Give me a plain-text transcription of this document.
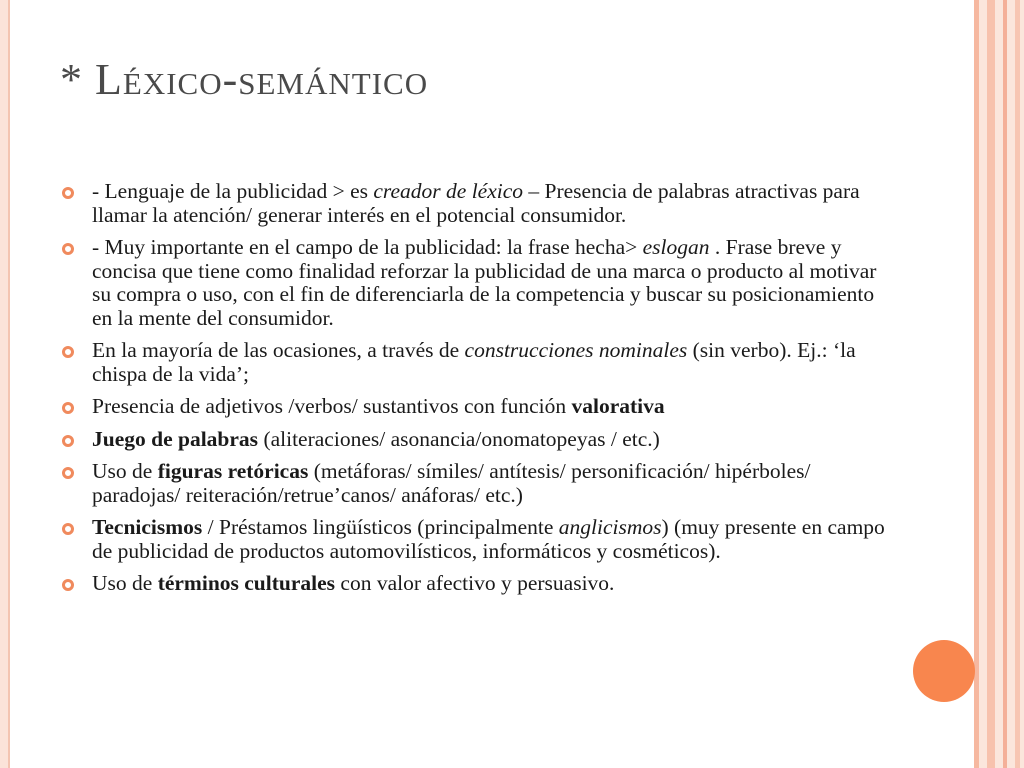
* Léxico-semántico
- Lenguaje de la publicidad > es creador de léxico – Presencia de palabras atractivas para llamar la atención/ generar interés en el potencial consumidor.
- Muy importante en el campo de la publicidad: la frase hecha> eslogan . Frase breve y concisa que tiene como finalidad reforzar la publicidad de una marca o producto al motivar su compra o uso, con el fin de diferenciarla de la competencia y buscar su posicionamiento en la mente del consumidor.
En la mayoría de las ocasiones, a través de construcciones nominales (sin verbo). Ej.: ‘la chispa de la vida’;
Presencia de adjetivos /verbos/ sustantivos con función valorativa
Juego de palabras (aliteraciones/ asonancia/onomatopeyas / etc.)
Uso de figuras retóricas (metáforas/ símiles/ antítesis/ personificación/ hipérboles/ paradojas/ reiteración/retrue’canos/ anáforas/ etc.)
Tecnicismos / Préstamos lingüísticos (principalmente anglicismos) (muy presente en campo de publicidad de productos automovilísticos, informáticos y cosméticos).
Uso de términos culturales con valor afectivo y persuasivo.
